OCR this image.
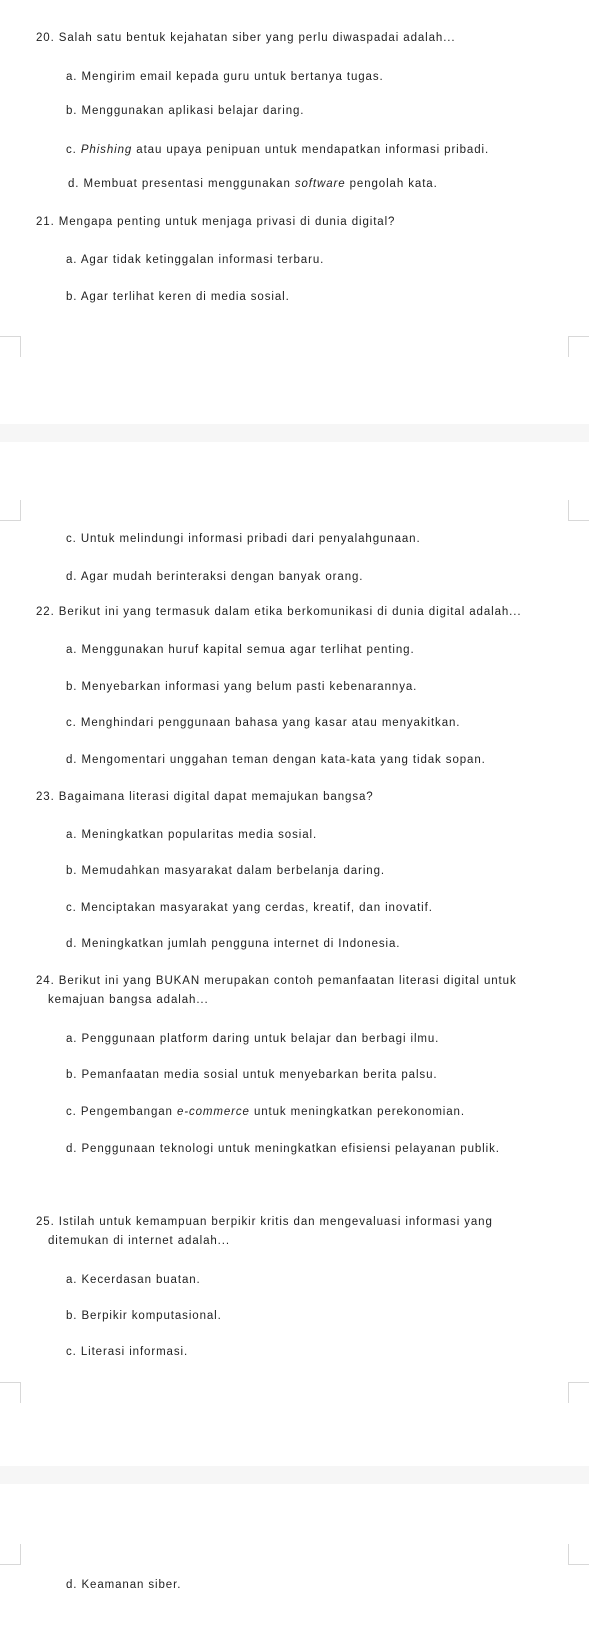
20. Salah satu bentuk kejahatan siber yang perlu diwaspadai adalah...

a. Mengirim email kepada guru untuk bertanya tugas.

b. Menggunakan aplikasi belajar daring.

c. Phishing atau upaya penipuan untuk mendapatkan informasi pribadi.

d. Membuat presentasi menggunakan software pengolah kata.

21. Mengapa penting untuk menjaga privasi di dunia digital?

a. Agar tidak ketinggalan informasi terbaru.

b. Agar terlihat keren di media sosial.

c. Untuk melindungi informasi pribadi dari penyalahgunaan.

d. Agar mudah berinteraksi dengan banyak orang.

22. Berikut ini yang termasuk dalam etika berkomunikasi di dunia digital adalah...

a. Menggunakan huruf kapital semua agar terlihat penting.

b. Menyebarkan informasi yang belum pasti kebenarannya.

c. Menghindari penggunaan bahasa yang kasar atau menyakitkan.

d. Mengomentari unggahan teman dengan kata-kata yang tidak sopan.

23. Bagaimana literasi digital dapat memajukan bangsa?

a. Meningkatkan popularitas media sosial.

b. Memudahkan masyarakat dalam berbelanja daring.

c. Menciptakan masyarakat yang cerdas, kreatif, dan inovatif.

d. Meningkatkan jumlah pengguna internet di Indonesia.

24. Berikut ini yang BUKAN merupakan contoh pemanfaatan literasi digital untuk

kemajuan bangsa adalah...

a. Penggunaan platform daring untuk belajar dan berbagi ilmu.

b. Pemanfaatan media sosial untuk menyebarkan berita palsu.

c. Pengembangan e-commerce untuk meningkatkan perekonomian.

d. Penggunaan teknologi untuk meningkatkan efisiensi pelayanan publik.

25. Istilah untuk kemampuan berpikir kritis dan mengevaluasi informasi yang

ditemukan di internet adalah...

a. Kecerdasan buatan.

b. Berpikir komputasional.

c. Literasi informasi.

d. Keamanan siber.
